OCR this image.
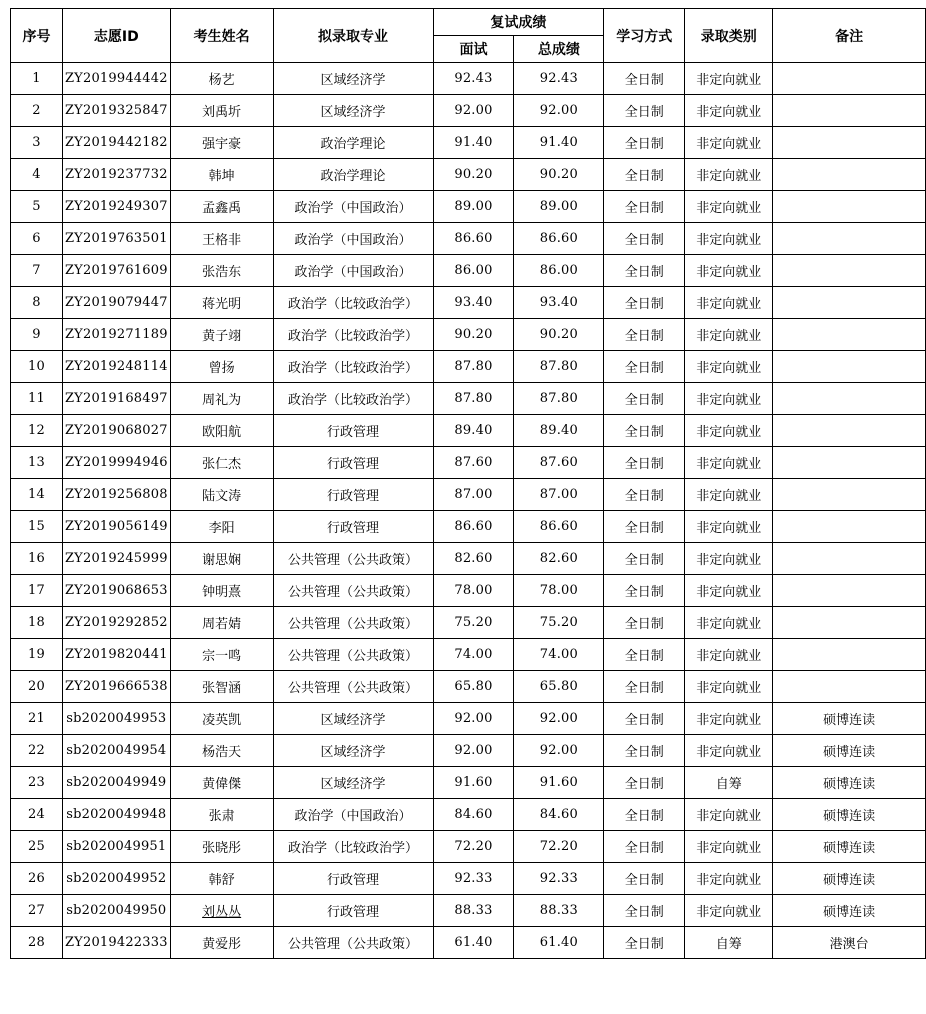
序号	志愿ID	考生姓名	拟录取专业	复试成绩		学习方式	录取类别	备注
				面试	总成绩			
1	ZY2019944442	杨艺	区域经济学	92.43	92.43	全日制	非定向就业	
2	ZY2019325847	刘禹圻	区域经济学	92.00	92.00	全日制	非定向就业	
3	ZY2019442182	强宇豪	政治学理论	91.40	91.40	全日制	非定向就业	
4	ZY2019237732	韩坤	政治学理论	90.20	90.20	全日制	非定向就业	
5	ZY2019249307	孟鑫禹	政治学（中国政治）	89.00	89.00	全日制	非定向就业	
6	ZY2019763501	王格非	政治学（中国政治）	86.60	86.60	全日制	非定向就业	
7	ZY2019761609	张浩东	政治学（中国政治）	86.00	86.00	全日制	非定向就业	
8	ZY2019079447	蒋光明	政治学（比较政治学）	93.40	93.40	全日制	非定向就业	
9	ZY2019271189	黄子翊	政治学（比较政治学）	90.20	90.20	全日制	非定向就业	
10	ZY2019248114	曾扬	政治学（比较政治学）	87.80	87.80	全日制	非定向就业	
11	ZY2019168497	周礼为	政治学（比较政治学）	87.80	87.80	全日制	非定向就业	
12	ZY2019068027	欧阳航	行政管理	89.40	89.40	全日制	非定向就业	
13	ZY2019994946	张仁杰	行政管理	87.60	87.60	全日制	非定向就业	
14	ZY2019256808	陆文涛	行政管理	87.00	87.00	全日制	非定向就业	
15	ZY2019056149	李阳	行政管理	86.60	86.60	全日制	非定向就业	
16	ZY2019245999	谢思娴	公共管理（公共政策）	82.60	82.60	全日制	非定向就业	
17	ZY2019068653	钟明熹	公共管理（公共政策）	78.00	78.00	全日制	非定向就业	
18	ZY2019292852	周若婧	公共管理（公共政策）	75.20	75.20	全日制	非定向就业	
19	ZY2019820441	宗一鸣	公共管理（公共政策）	74.00	74.00	全日制	非定向就业	
20	ZY2019666538	张智涵	公共管理（公共政策）	65.80	65.80	全日制	非定向就业	
21	sb2020049953	凌英凯	区域经济学	92.00	92.00	全日制	非定向就业	硕博连读
22	sb2020049954	杨浩天	区域经济学	92.00	92.00	全日制	非定向就业	硕博连读
23	sb2020049949	黄偉傑	区域经济学	91.60	91.60	全日制	自筹	硕博连读
24	sb2020049948	张肃	政治学（中国政治）	84.60	84.60	全日制	非定向就业	硕博连读
25	sb2020049951	张晓彤	政治学（比较政治学）	72.20	72.20	全日制	非定向就业	硕博连读
26	sb2020049952	韩舒	行政管理	92.33	92.33	全日制	非定向就业	硕博连读
27	sb2020049950	刘丛丛	行政管理	88.33	88.33	全日制	非定向就业	硕博连读
28	ZY2019422333	黄爱彤	公共管理（公共政策）	61.40	61.40	全日制	自筹	港澳台
